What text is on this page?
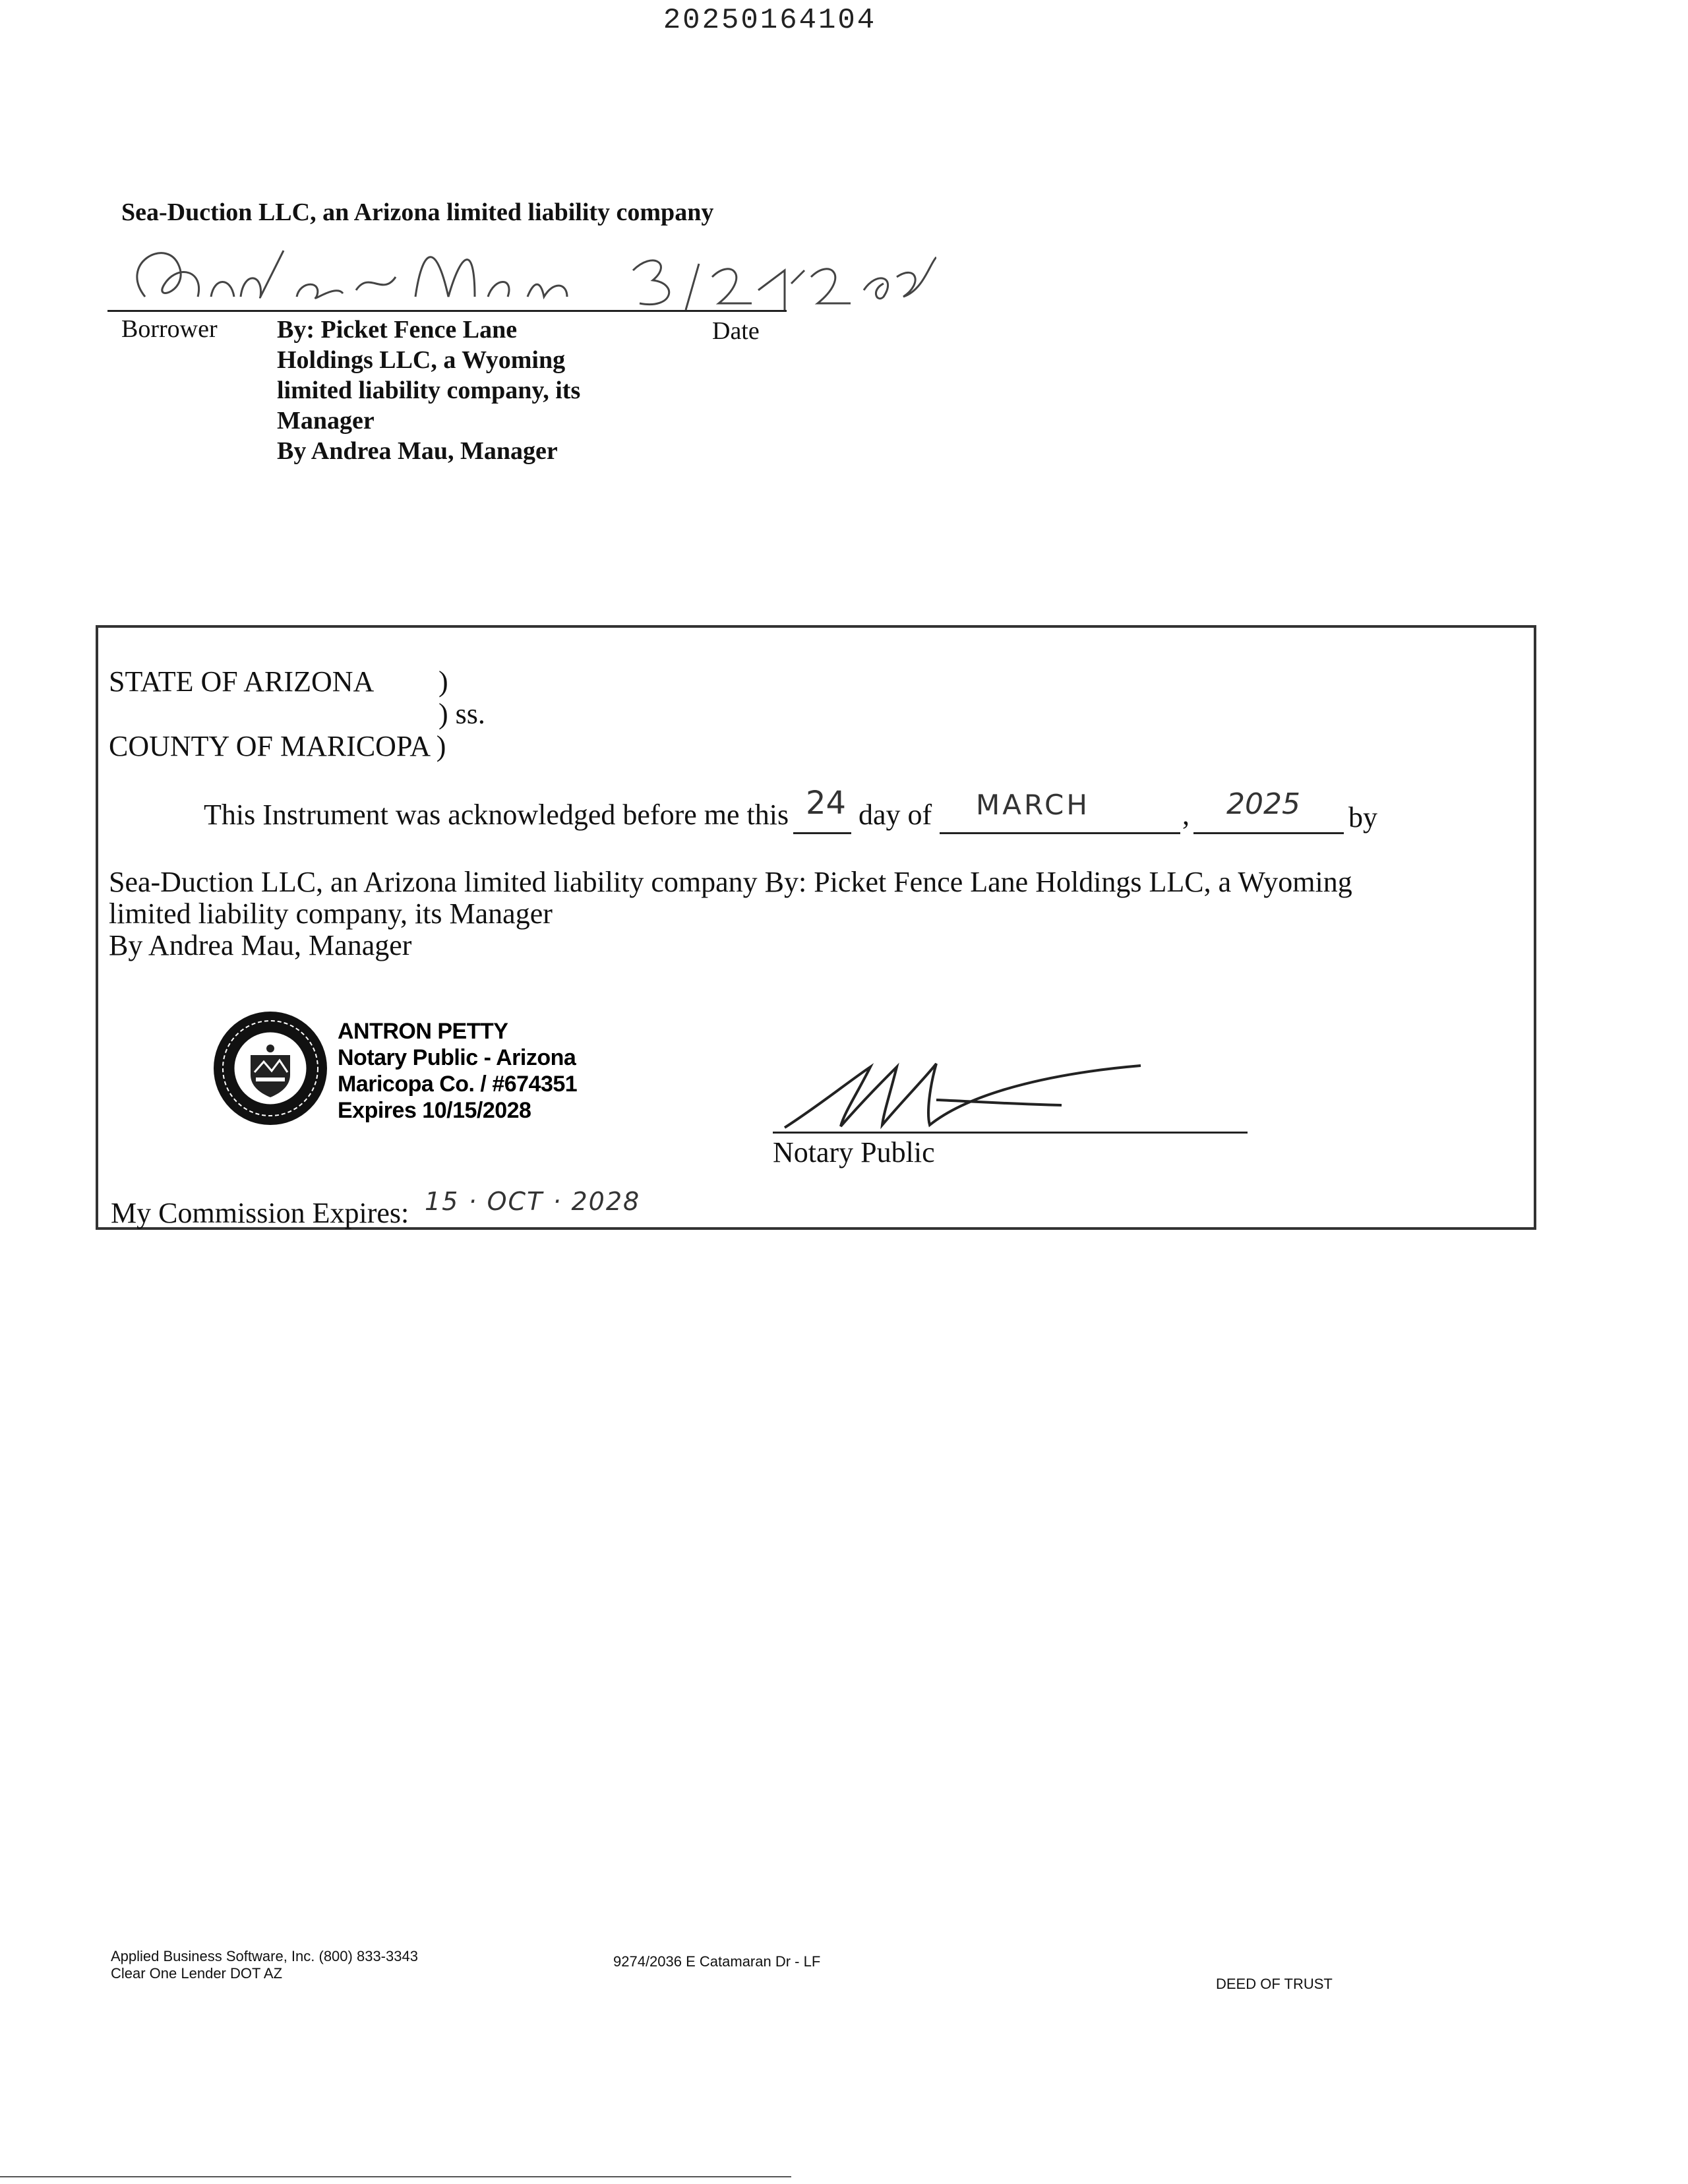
20250164104
Sea-Duction LLC, an Arizona limited liability company
Borrower By: Picket Fence Lane
Holdings LLC, a Wyoming
limited liability company, its
Manager
By Andrea Mau, Manager
Date
STATE OF ARIZONA )
) ss.
COUNTY OF MARICOPA )
This Instrument was acknowledged before me this 24 day of MARCH	, 2025 by
Sea-Duction LLC, an Arizona limited liability company By: Picket Fence Lane Holdings LLC, a Wyoming
limited liability company, its Manager
By Andrea Mau, Manager
ANTRON PETTY
Notary Public - Arizona
Maricopa Co. / #674351
Expires 10/15/2028
Notary Public
My Commission Expires: 15 · OCT · 2028
Applied Business Software, Inc. (800) 833-3343
Clear One Lender DOT AZ
9274/2036 E Catamaran Dr - LF
DEED OF TRUST
